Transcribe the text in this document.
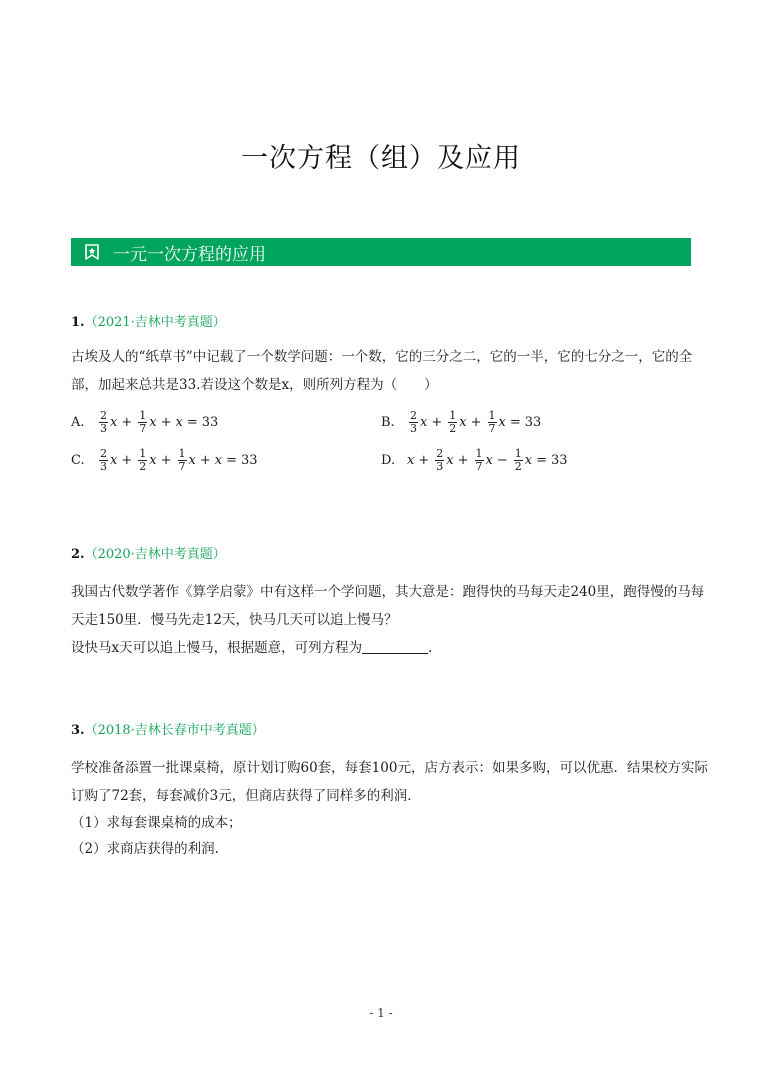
一次方程（组）及应用
一元一次方程的应用
1.（2021·吉林中考真题）
古埃及人的“纸草书”中记载了一个数学问题：一个数，它的三分之二，它的一半，它的七分之一，它的全
部，加起来总共是33.若设这个数是x，则所列方程为（　　）
A.	$\frac{2}{3}$ $x + \frac{1}{7}$ x + x = 33	B.	$\frac{2}{3}$ $x + \frac{1}{2}$ $x + \frac{1}{7}$ x = 33
C.	$\frac{2}{3}$ $x + \frac{1}{2}$ $x + \frac{1}{7}$ x + x = 33	D. $x + \frac{2}{3}$ $x + \frac{1}{7}$ $x - \frac{1}{2}$ x = 33
2.（2020·吉林中考真题）
我国古代数学著作《算学启蒙》中有这样一个学问题，其大意是：跑得快的马每天走240里，跑得慢的马每
天走150里．慢马先走12天，快马几天可以追上慢马？
设快马x天可以追上慢马，根据题意，可列方程为	.
3.（2018·吉林长春市中考真题）
学校准备添置一批课桌椅，原计划订购60套，每套100元，店方表示：如果多购，可以优惠．结果校方实际
订购了72套，每套减价3元，但商店获得了同样多的利润．
（1）求每套课桌椅的成本；
（2）求商店获得的利润.
- 1 -
